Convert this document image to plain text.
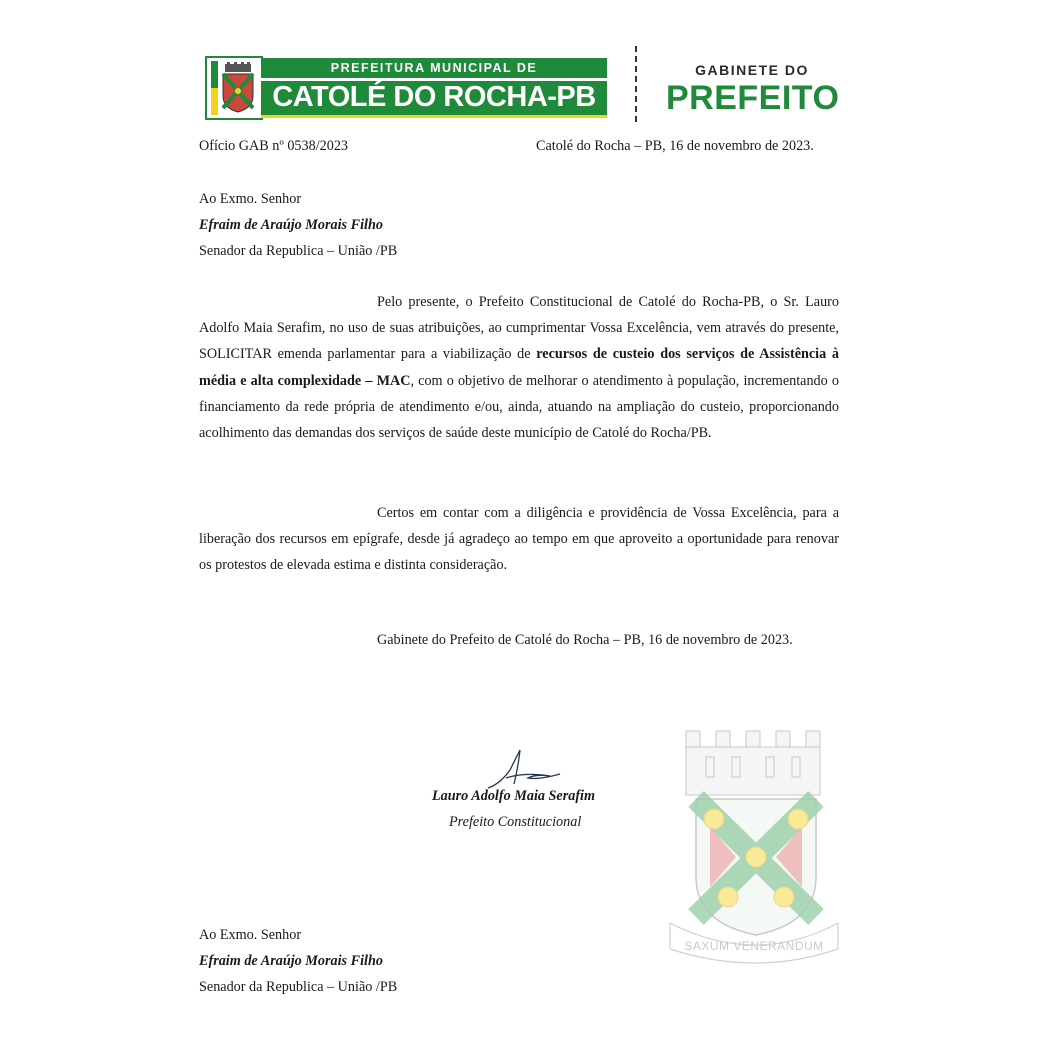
PREFEITURA MUNICIPAL DE
CATOLÉ DO ROCHA-PB
GABINETE DO
PREFEITO
Ofício GAB nº 0538/2023	Catolé do Rocha – PB, 16 de novembro de 2023.
Ao Exmo. Senhor
Efraim de Araújo Morais Filho
Senador da Republica – União /PB
Pelo presente, o Prefeito Constitucional de Catolé do Rocha-PB, o Sr. Lauro Adolfo Maia Serafim, no uso de suas atribuições, ao cumprimentar Vossa Excelência, vem através do presente, SOLICITAR emenda parlamentar para a viabilização de recursos de custeio dos serviços de Assistência à média e alta complexidade – MAC, com o objetivo de melhorar o atendimento à população, incrementando o financiamento da rede própria de atendimento e/ou, ainda, atuando na ampliação do custeio, proporcionando acolhimento das demandas dos serviços de saúde deste município de Catolé do Rocha/PB.
Certos em contar com a diligência e providência de Vossa Excelência, para a liberação dos recursos em epígrafe, desde já agradeço ao tempo em que aproveito a oportunidade para renovar os protestos de elevada estima e distinta consideração.
Gabinete do Prefeito de Catolé do Rocha – PB, 16 de novembro de 2023.
Lauro Adolfo Maia Serafim
Prefeito Constitucional
SAXUM VENERANDUM
Ao Exmo. Senhor
Efraim de Araújo Morais Filho
Senador da Republica – União /PB
